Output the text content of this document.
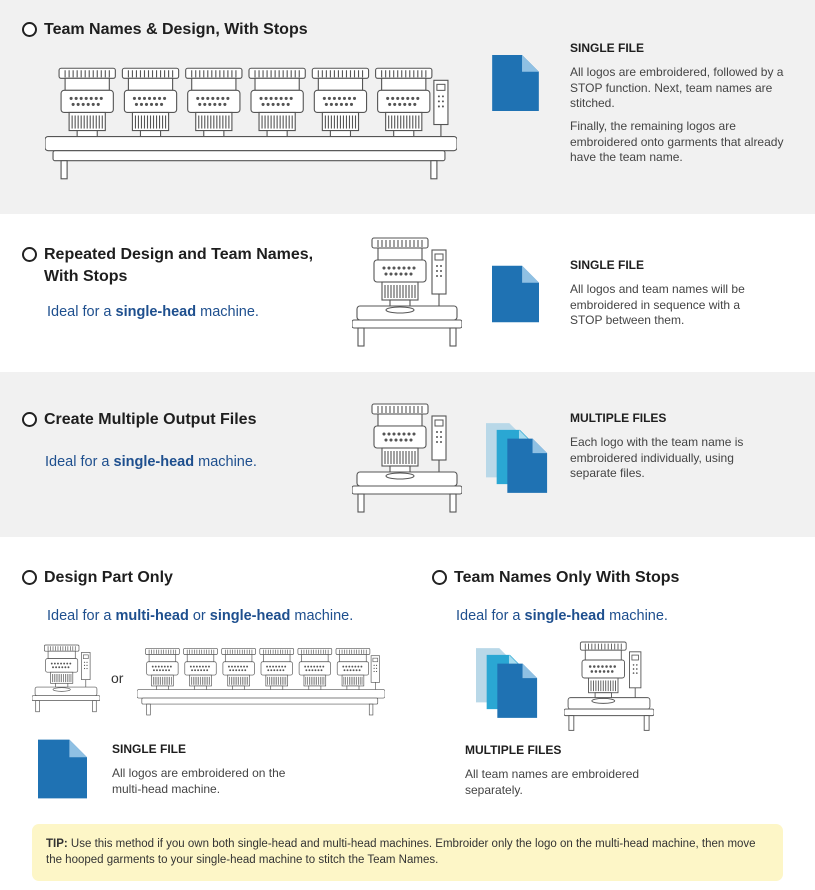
Team Names & Design, With Stops
SINGLE FILE
All logos are embroidered, followed by a STOP function. Next, team names are stitched.
Finally, the remaining logos are embroidered onto garments that already have the team name.
Repeated Design and Team Names,
With Stops
Ideal for a single-head machine.
SINGLE FILE
All logos and team names will be embroidered in sequence with a STOP between them.
Create Multiple Output Files
Ideal for a single-head machine.
MULTIPLE FILES
Each logo with the team name is embroidered individually, using separate files.
Design Part Only
Ideal for a multi-head or single-head machine.
or
SINGLE FILE
All logos are embroidered on the multi-head machine.
Team Names Only With Stops
Ideal for a single-head machine.
MULTIPLE FILES
All team names are embroidered separately.
TIP: Use this method if you own both single-head and multi-head machines. Embroider only the logo on the multi-head machine, then move the hooped garments to your single-head machine to stitch the Team Names.
